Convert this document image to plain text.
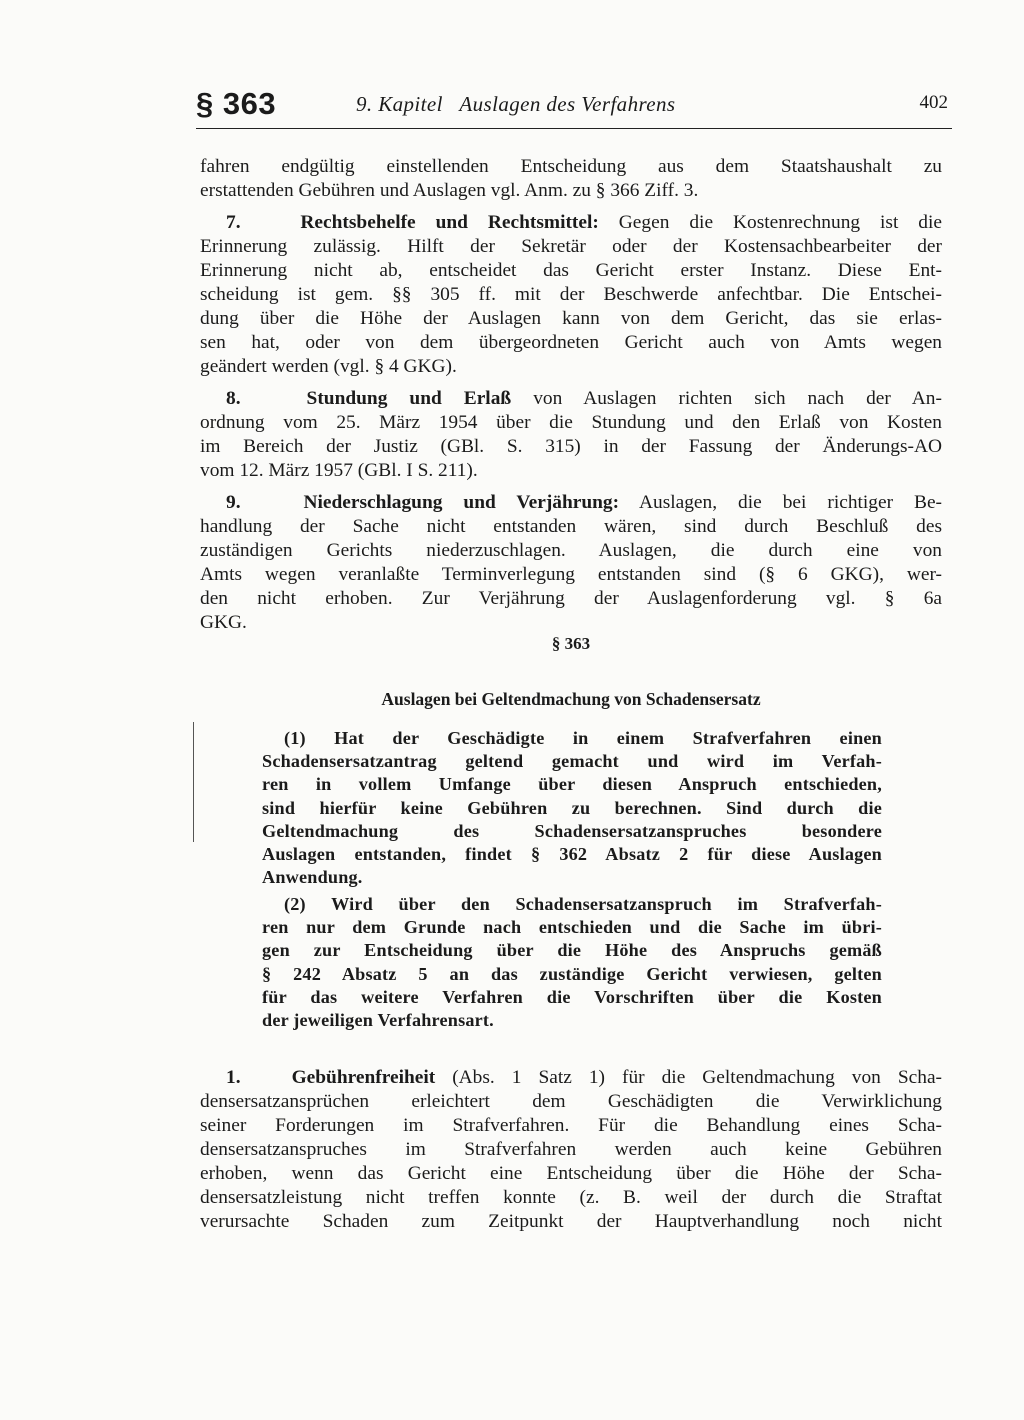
§ 363	9. Kapitel   Auslagen des Verfahrens	402
fahren endgültig einstellenden Entscheidung aus dem Staatshaushalt zu
erstattenden Gebühren und Auslagen vgl. Anm. zu § 366 Ziff. 3.
7.	Rechtsbehelfe und Rechtsmittel: Gegen die Kostenrechnung ist die
Erinnerung zulässig. Hilft der Sekretär oder der Kostensachbearbeiter der
Erinnerung nicht ab, entscheidet das Gericht erster Instanz. Diese Ent-
scheidung ist gem. §§ 305 ff. mit der Beschwerde anfechtbar. Die Entschei-
dung über die Höhe der Auslagen kann von dem Gericht, das sie erlas-
sen hat, oder von dem übergeordneten Gericht auch von Amts wegen
geändert werden (vgl. § 4 GKG).
8.	Stundung und Erlaß von Auslagen richten sich nach der An-
ordnung vom 25. März 1954 über die Stundung und den Erlaß von Kosten
im Bereich der Justiz (GBl. S. 315) in der Fassung der Änderungs-AO
vom 12. März 1957 (GBl. I S. 211).
9.	Niederschlagung und Verjährung: Auslagen, die bei richtiger Be-
handlung der Sache nicht entstanden wären, sind durch Beschluß des
zuständigen Gerichts niederzuschlagen. Auslagen, die durch eine von
Amts wegen veranlaßte Terminverlegung entstanden sind (§ 6 GKG), wer-
den nicht erhoben. Zur Verjährung der Auslagenforderung vgl. § 6a
GKG.
§ 363
Auslagen bei Geltendmachung von Schadensersatz
(1) Hat der Geschädigte in einem Strafverfahren einen
Schadensersatzantrag geltend gemacht und wird im Verfah-
ren in vollem Umfange über diesen Anspruch entschieden,
sind hierfür keine Gebühren zu berechnen. Sind durch die
Geltendmachung des Schadensersatzanspruches besondere
Auslagen entstanden, findet § 362 Absatz 2 für diese Auslagen
Anwendung.
(2) Wird über den Schadensersatzanspruch im Strafverfah-
ren nur dem Grunde nach entschieden und die Sache im übri-
gen zur Entscheidung über die Höhe des Anspruchs gemäß
§ 242 Absatz 5 an das zuständige Gericht verwiesen, gelten
für das weitere Verfahren die Vorschriften über die Kosten
der jeweiligen Verfahrensart.
1.	Gebührenfreiheit (Abs. 1 Satz 1) für die Geltendmachung von Scha-
densersatzansprüchen erleichtert dem Geschädigten die Verwirklichung
seiner Forderungen im Strafverfahren. Für die Behandlung eines Scha-
densersatzanspruches im Strafverfahren werden auch keine Gebühren
erhoben, wenn das Gericht eine Entscheidung über die Höhe der Scha-
densersatzleistung nicht treffen konnte (z. B. weil der durch die Straftat
verursachte Schaden zum Zeitpunkt der Hauptverhandlung noch nicht
